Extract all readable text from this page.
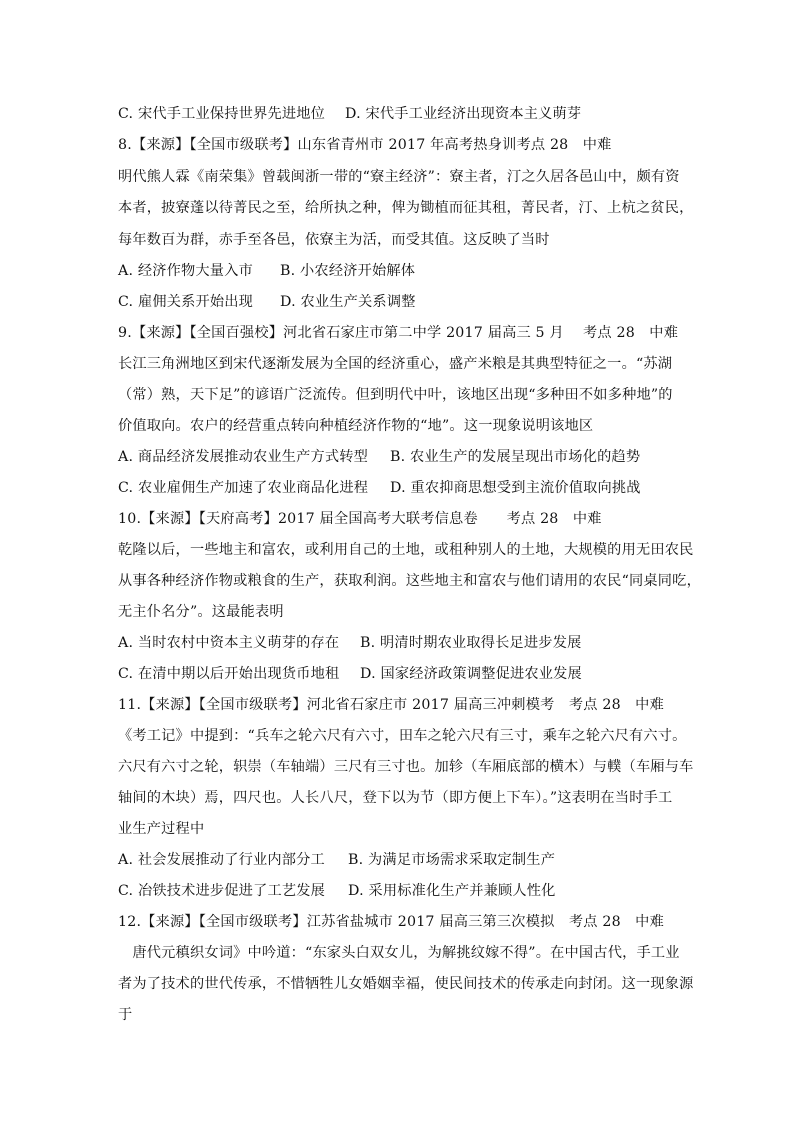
C. 宋代手工业保持世界先进地位 D. 宋代手工业经济出现资本主义萌芽

8.【来源】【全国市级联考】山东省青州市 2017 年高考热身训考点 28　中难

明代熊人霖《南荣集》曾载闽浙一带的“寮主经济”：寮主者，汀之久居各邑山中，颇有资

本者，披寮蓬以待菁民之至，给所执之种，俾为锄植而征其租，菁民者，汀、上杭之贫民，

每年数百为群，赤手至各邑，依寮主为活，而受其值。这反映了当时

A. 经济作物大量入市 B. 小农经济开始解体

C. 雇佣关系开始出现 D. 农业生产关系调整

9.【来源】【全国百强校】河北省石家庄市第二中学 2017 届高三 5 月　 考点 28　中难

长江三角洲地区到宋代逐渐发展为全国的经济重心，盛产米粮是其典型特征之一。“苏湖

（常）熟，天下足”的谚语广泛流传。但到明代中叶，该地区出现“多种田不如多种地”的

价值取向。农户的经营重点转向种植经济作物的“地”。这一现象说明该地区

A. 商品经济发展推动农业生产方式转型 B. 农业生产的发展呈现出市场化的趋势

C. 农业雇佣生产加速了农业商品化进程 D. 重农抑商思想受到主流价值取向挑战

10.【来源】【天府高考】2017 届全国高考大联考信息卷　　考点 28　中难

乾隆以后，一些地主和富农，或利用自己的土地，或租种别人的土地，大规模的用无田农民

从事各种经济作物或粮食的生产，获取利润。这些地主和富农与他们请用的农民“同桌同吃，

无主仆名分”。这最能表明

A. 当时农村中资本主义萌芽的存在 B. 明清时期农业取得长足进步发展

C. 在清中期以后开始出现货币地租 D. 国家经济政策调整促进农业发展

11.【来源】【全国市级联考】河北省石家庄市 2017 届高三冲刺模考　考点 28　中难

《考工记》中提到：“兵车之轮六尺有六寸，田车之轮六尺有三寸，乘车之轮六尺有六寸。

六尺有六寸之轮，轵崇（车轴端）三尺有三寸也。加轸（车厢底部的横木）与轐（车厢与车

轴间的木块）焉，四尺也。人长八尺，登下以为节（即方便上下车）。”这表明在当时手工

业生产过程中

A. 社会发展推动了行业内部分工 B. 为满足市场需求采取定制生产

C. 冶铁技术进步促进了工艺发展 D. 采用标准化生产并兼顾人性化

12.【来源】【全国市级联考】江苏省盐城市 2017 届高三第三次模拟　考点 28　中难

　唐代元稹织女词》中吟道：“东家头白双女儿，为解挑纹嫁不得”。在中国古代，手工业

者为了技术的世代传承，不惜牺牲儿女婚姻幸福，使民间技术的传承走向封闭。这一现象源

于
